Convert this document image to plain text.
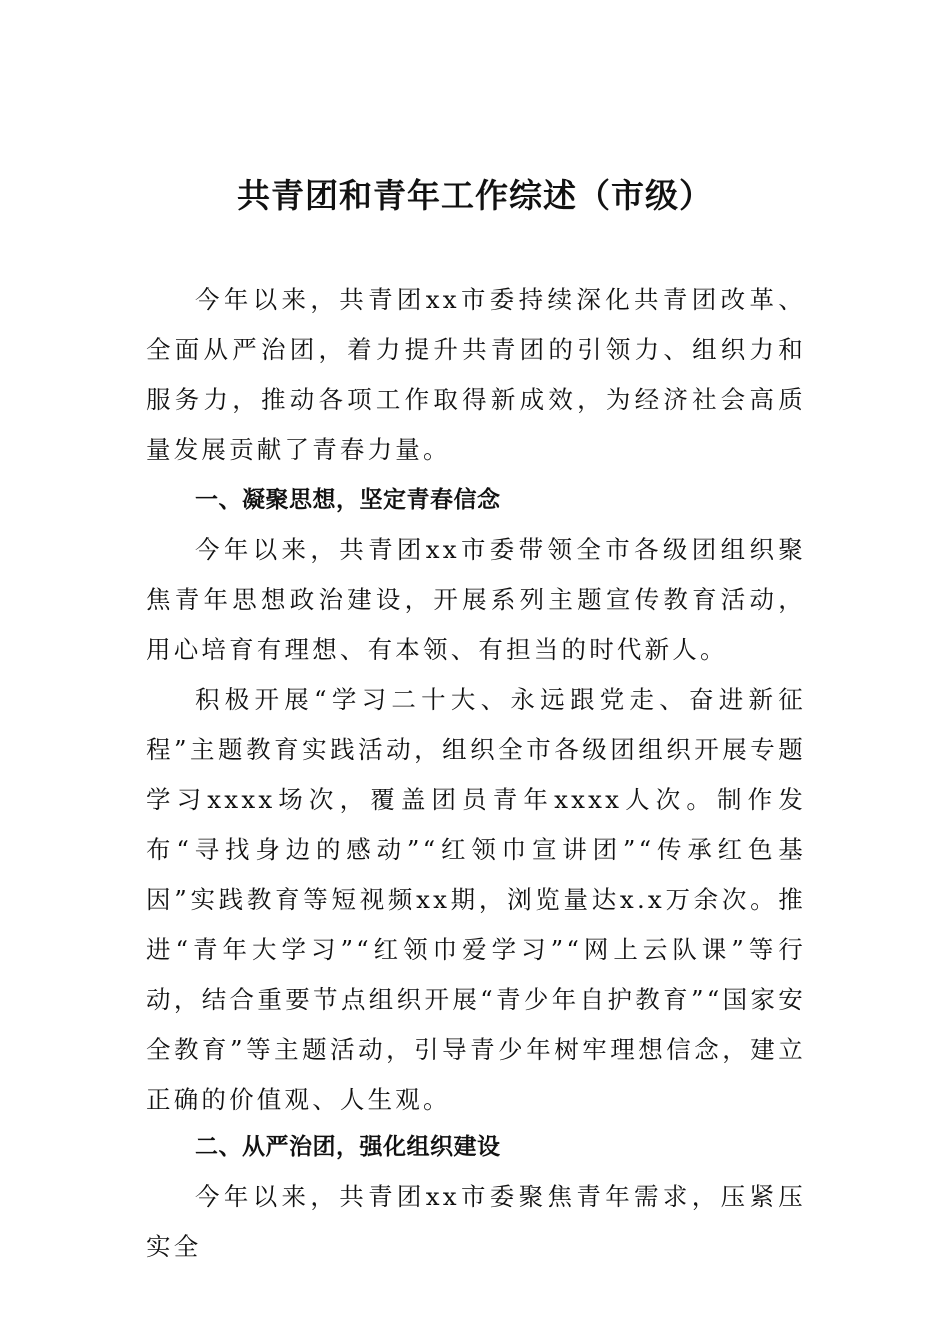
共青团和青年工作综述（市级）

今年以来，共青团xx市委持续深化共青团改革、全面从严治团，着力提升共青团的引领力、组织力和服务力，推动各项工作取得新成效，为经济社会高质量发展贡献了青春力量。

一、凝聚思想，坚定青春信念

今年以来，共青团xx市委带领全市各级团组织聚焦青年思想政治建设，开展系列主题宣传教育活动，用心培育有理想、有本领、有担当的时代新人。

积极开展“学习二十大、永远跟党走、奋进新征程”主题教育实践活动，组织全市各级团组织开展专题学习xxxx场次，覆盖团员青年xxxx人次。制作发布“寻找身边的感动”“红领巾宣讲团”“传承红色基因”实践教育等短视频xx期，浏览量达x.x万余次。推进“青年大学习”“红领巾爱学习”“网上云队课”等行动，结合重要节点组织开展“青少年自护教育”“国家安全教育”等主题活动，引导青少年树牢理想信念，建立正确的价值观、人生观。

二、从严治团，强化组织建设

今年以来，共青团xx市委聚焦青年需求，压紧压实全
